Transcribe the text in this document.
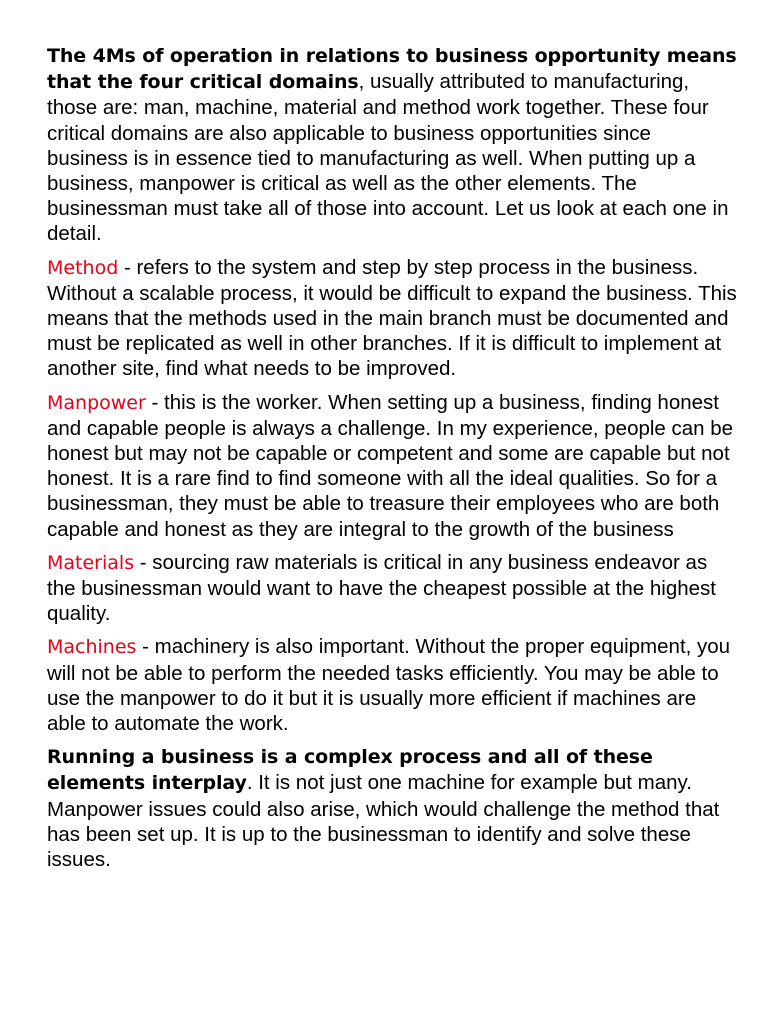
The 4Ms of operation in relations to business opportunity means that the four critical domains, usually attributed to manufacturing, those are: man, machine, material and method work together. These four critical domains are also applicable to business opportunities since business is in essence tied to manufacturing as well. When putting up a business, manpower is critical as well as the other elements. The businessman must take all of those into account. Let us look at each one in detail.

Method - refers to the system and step by step process in the business. Without a scalable process, it would be difficult to expand the business. This means that the methods used in the main branch must be documented and must be replicated as well in other branches. If it is difficult to implement at another site, find what needs to be improved.

Manpower - this is the worker. When setting up a business, finding honest and capable people is always a challenge. In my experience, people can be honest but may not be capable or competent and some are capable but not honest. It is a rare find to find someone with all the ideal qualities. So for a businessman, they must be able to treasure their employees who are both capable and honest as they are integral to the growth of the business

Materials - sourcing raw materials is critical in any business endeavor as the businessman would want to have the cheapest possible at the highest quality.

Machines - machinery is also important. Without the proper equipment, you will not be able to perform the needed tasks efficiently. You may be able to use the manpower to do it but it is usually more efficient if machines are able to automate the work.

Running a business is a complex process and all of these elements interplay. It is not just one machine for example but many. Manpower issues could also arise, which would challenge the method that has been set up. It is up to the businessman to identify and solve these issues.
